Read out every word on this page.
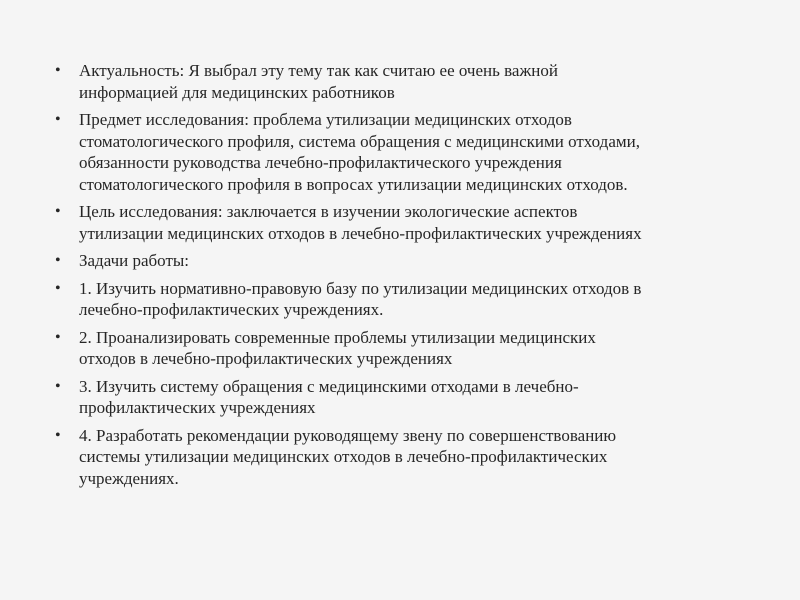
•	Актуальность: Я выбрал эту тему так как считаю ее очень важной
информацией для медицинских работников
•	Предмет исследования: проблема утилизации медицинских отходов
стоматологического профиля, система обращения с медицинскими отходами,
обязанности руководства лечебно-профилактического учреждения
стоматологического профиля в вопросах утилизации медицинских отходов.
•	Цель исследования: заключается в изучении экологические аспектов
утилизации медицинских отходов в лечебно-профилактических учреждениях
•	Задачи работы:
•	1. Изучить нормативно-правовую базу по утилизации медицинских отходов в
лечебно-профилактических учреждениях.
•	2. Проанализировать современные проблемы утилизации медицинских
отходов в лечебно-профилактических учреждениях
•	3. Изучить систему обращения с медицинскими отходами в лечебно-
профилактических учреждениях
•	4. Разработать рекомендации руководящему звену по совершенствованию
системы утилизации медицинских отходов в лечебно-профилактических
учреждениях.
